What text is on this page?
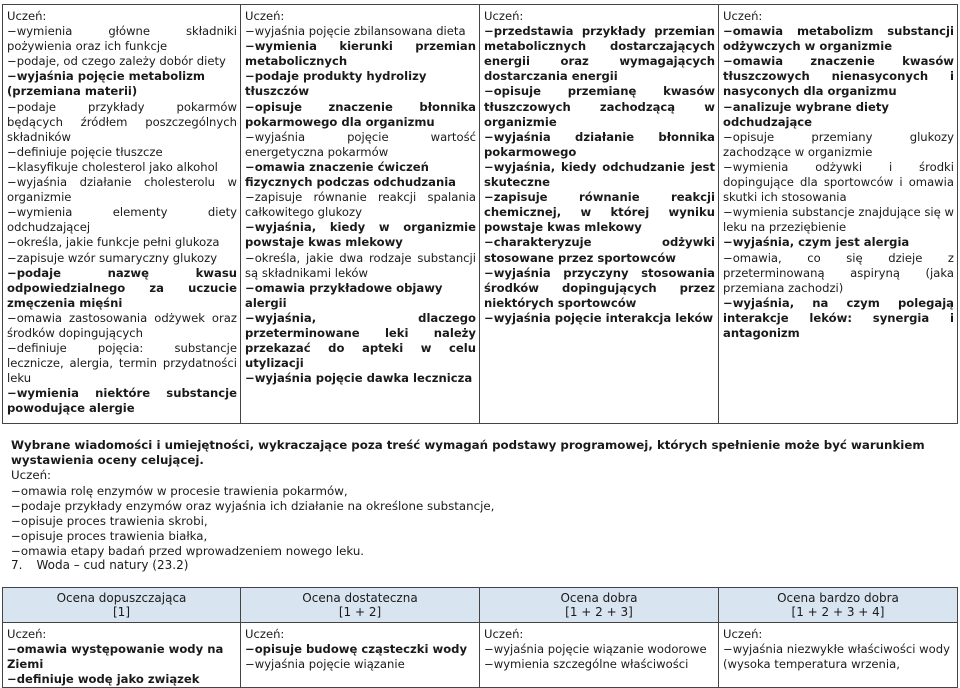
Uczeń:
−wymienia główne składniki pożywienia oraz ich funkcje
−podaje, od czego zależy dobór diety
−wyjaśnia pojęcie metabolizm (przemiana materii)
−podaje przykłady pokarmów będących źródłem poszczególnych składników
−definiuje pojęcie tłuszcze
−klasyfikuje cholesterol jako alkohol
−wyjaśnia działanie cholesterolu w organizmie
−wymienia elementy diety odchudzającej
−określa, jakie funkcje pełni glukoza
−zapisuje wzór sumaryczny glukozy
−podaje nazwę kwasu odpowiedzialnego za uczucie zmęczenia mięśni
−omawia zastosowania odżywek oraz środków dopingujących
−definiuje pojęcia: substancje lecznicze, alergia, termin przydatności leku
−wymienia niektóre substancje powodujące alergie

Uczeń:
−wyjaśnia pojęcie zbilansowana dieta
−wymienia kierunki przemian metabolicznych
−podaje produkty hydrolizy tłuszczów
−opisuje znaczenie błonnika pokarmowego dla organizmu
−wyjaśnia pojęcie wartość energetyczna pokarmów
−omawia znaczenie ćwiczeń fizycznych podczas odchudzania
−zapisuje równanie reakcji spalania całkowitego glukozy
−wyjaśnia, kiedy w organizmie powstaje kwas mlekowy
−określa, jakie dwa rodzaje substancji są składnikami leków
−omawia przykładowe objawy alergii
−wyjaśnia, dlaczego przeterminowane leki należy przekazać do apteki w celu utylizacji
−wyjaśnia pojęcie dawka lecznicza

Uczeń:
−przedstawia przykłady przemian metabolicznych dostarczających energii oraz wymagających dostarczania energii
−opisuje przemianę kwasów tłuszczowych zachodzącą w organizmie
−wyjaśnia działanie błonnika pokarmowego
−wyjaśnia, kiedy odchudzanie jest skuteczne
−zapisuje równanie reakcji chemicznej, w której wyniku powstaje kwas mlekowy
−charakteryzuje odżywki stosowane przez sportowców
−wyjaśnia przyczyny stosowania środków dopingujących przez niektórych sportowców
−wyjaśnia pojęcie interakcja leków

Uczeń:
−omawia metabolizm substancji odżywczych w organizmie
−omawia znaczenie kwasów tłuszczowych nienasyconych i nasyconych dla organizmu
−analizuje wybrane diety odchudzające
−opisuje przemiany glukozy zachodzące w organizmie
−wymienia odżywki i środki dopingujące dla sportowców i omawia skutki ich stosowania
−wymienia substancje znajdujące się w leku na przeziębienie
−wyjaśnia, czym jest alergia
−omawia, co się dzieje z przeterminowaną aspiryną (jaka przemiana zachodzi)
−wyjaśnia, na czym polegają interakcje leków: synergia i antagonizm
Wybrane wiadomości i umiejętności, wykraczające poza treść wymagań podstawy programowej, których spełnienie może być warunkiem wystawienia oceny celującej.
Uczeń:
−omawia rolę enzymów w procesie trawienia pokarmów,
−podaje przykłady enzymów oraz wyjaśnia ich działanie na określone substancje,
−opisuje proces trawienia skrobi,
−opisuje proces trawienia białka,
−omawia etapy badań przed wprowadzeniem nowego leku.
7. Woda – cud natury (23.2)
Ocena dopuszczająca
[1]	Ocena dostateczna
[1 + 2]	Ocena dobra
[1 + 2 + 3]	Ocena bardzo dobra
[1 + 2 + 3 + 4]

Uczeń:
−omawia występowanie wody na Ziemi
−definiuje wodę jako związek	Uczeń:
−opisuje budowę cząsteczki wody
−wyjaśnia pojęcie wiązanie	Uczeń:
−wyjaśnia pojęcie wiązanie wodorowe
−wymienia szczególne właściwości	Uczeń:
−wyjaśnia niezwykłe właściwości wody
(wysoka temperatura wrzenia,
